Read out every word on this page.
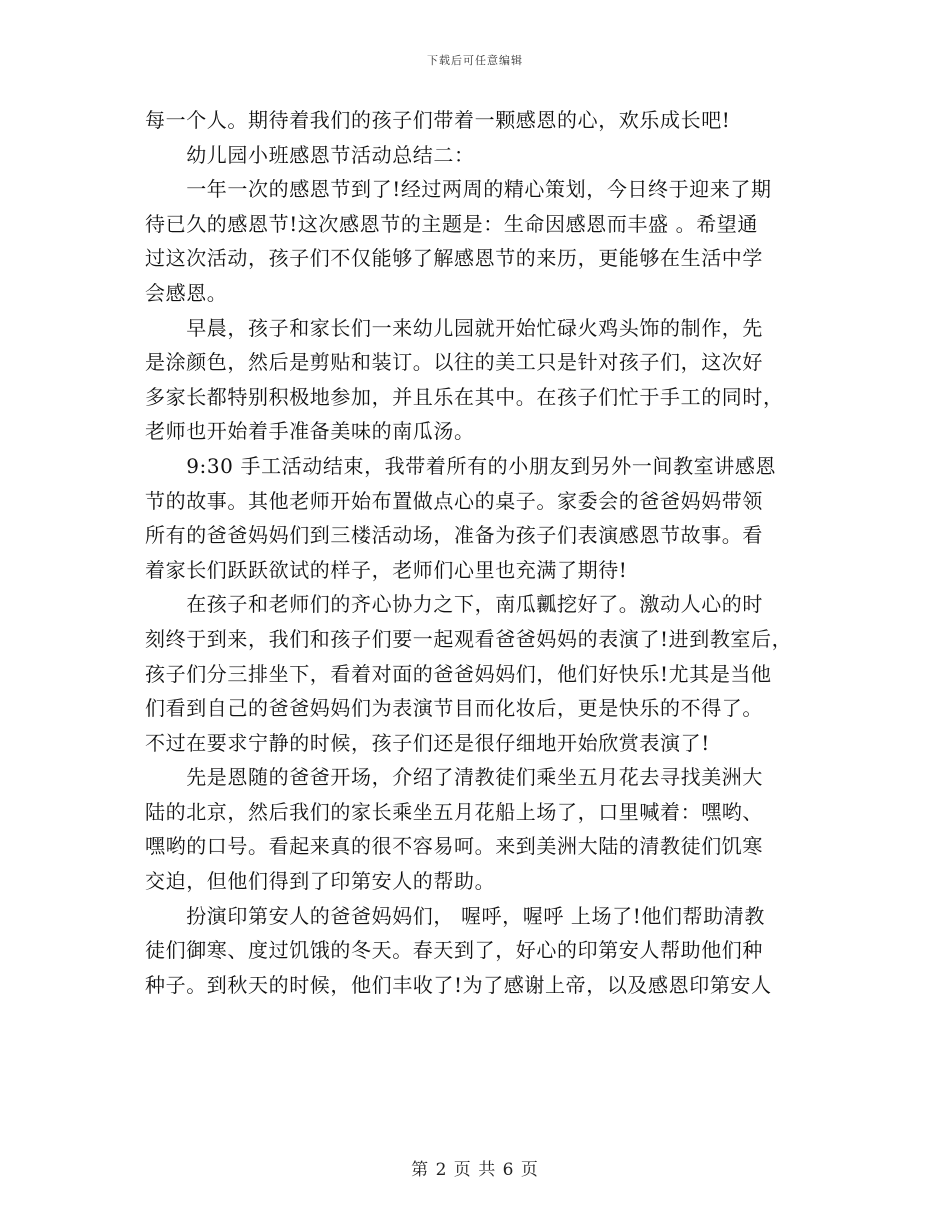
下载后可任意编辑
每一个人。期待着我们的孩子们带着一颗感恩的心，欢乐成长吧!
　　幼儿园小班感恩节活动总结二：
　　一年一次的感恩节到了!经过两周的精心策划，今日终于迎来了期
待已久的感恩节!这次感恩节的主题是：生命因感恩而丰盛 。希望通
过这次活动，孩子们不仅能够了解感恩节的来历，更能够在生活中学
会感恩。
　　早晨，孩子和家长们一来幼儿园就开始忙碌火鸡头饰的制作，先
是涂颜色，然后是剪贴和装订。以往的美工只是针对孩子们，这次好
多家长都特别积极地参加，并且乐在其中。在孩子们忙于手工的同时，
老师也开始着手准备美味的南瓜汤。
　　9:30 手工活动结束，我带着所有的小朋友到另外一间教室讲感恩
节的故事。其他老师开始布置做点心的桌子。家委会的爸爸妈妈带领
所有的爸爸妈妈们到三楼活动场，准备为孩子们表演感恩节故事。看
着家长们跃跃欲试的样子，老师们心里也充满了期待!
　　在孩子和老师们的齐心协力之下，南瓜瓤挖好了。激动人心的时
刻终于到来，我们和孩子们要一起观看爸爸妈妈的表演了!进到教室后，
孩子们分三排坐下，看着对面的爸爸妈妈们，他们好快乐!尤其是当他
们看到自己的爸爸妈妈们为表演节目而化妆后，更是快乐的不得了。
不过在要求宁静的时候，孩子们还是很仔细地开始欣赏表演了!
　　先是恩随的爸爸开场，介绍了清教徒们乘坐五月花去寻找美洲大
陆的北京，然后我们的家长乘坐五月花船上场了，口里喊着：嘿哟、
嘿哟的口号。看起来真的很不容易呵。来到美洲大陆的清教徒们饥寒
交迫，但他们得到了印第安人的帮助。
　　扮演印第安人的爸爸妈妈们， 喔呼，喔呼 上场了!他们帮助清教
徒们御寒、度过饥饿的冬天。春天到了，好心的印第安人帮助他们种
种子。到秋天的时候，他们丰收了!为了感谢上帝，以及感恩印第安人
第 2 页 共 6 页
